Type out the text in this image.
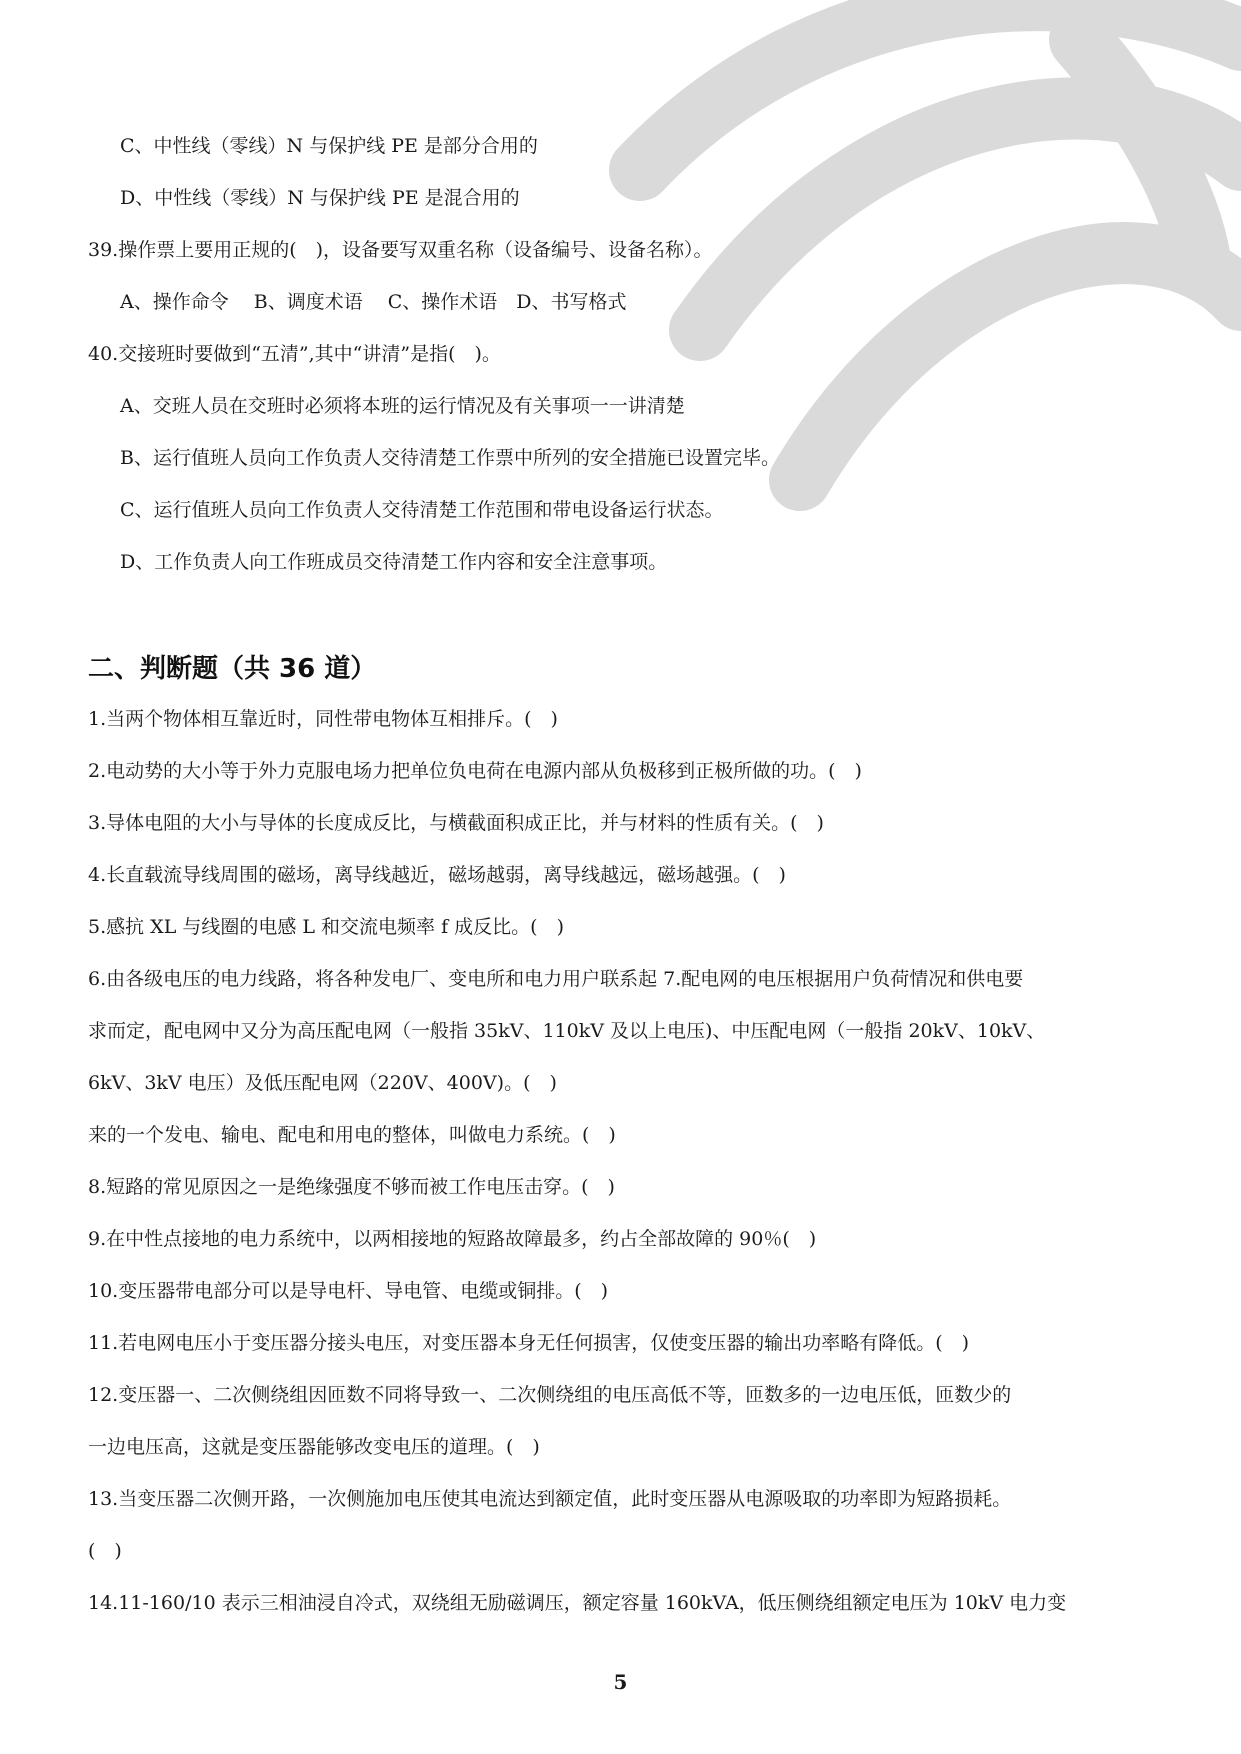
C、中性线（零线）N 与保护线 PE 是部分合用的
D、中性线（零线）N 与保护线 PE 是混合用的
39.操作票上要用正规的(　)，设备要写双重名称（设备编号、设备名称）。
A、操作命令　 B、调度术语　 C、操作术语　D、书写格式
40.交接班时要做到“五清”,其中“讲清”是指(　)。
A、交班人员在交班时必须将本班的运行情况及有关事项一一讲清楚
B、运行值班人员向工作负责人交待清楚工作票中所列的安全措施已设置完毕。
C、运行值班人员向工作负责人交待清楚工作范围和带电设备运行状态。
D、工作负责人向工作班成员交待清楚工作内容和安全注意事项。
二、判断题（共 36 道）
1.当两个物体相互靠近时，同性带电物体互相排斥。(　)
2.电动势的大小等于外力克服电场力把单位负电荷在电源内部从负极移到正极所做的功。(　)
3.导体电阻的大小与导体的长度成反比，与横截面积成正比，并与材料的性质有关。(　)
4.长直载流导线周围的磁场，离导线越近，磁场越弱，离导线越远，磁场越强。(　)
5.感抗 XL 与线圈的电感 L 和交流电频率 f 成反比。(　)
6.由各级电压的电力线路，将各种发电厂、变电所和电力用户联系起 7.配电网的电压根据用户负荷情况和供电要
求而定，配电网中又分为高压配电网（一般指 35kV、110kV 及以上电压)、中压配电网（一般指 20kV、10kV、
6kV、3kV 电压）及低压配电网（220V、400V)。(　)
来的一个发电、输电、配电和用电的整体，叫做电力系统。(　)
8.短路的常见原因之一是绝缘强度不够而被工作电压击穿。(　)
9.在中性点接地的电力系统中，以两相接地的短路故障最多，约占全部故障的 90％(　)
10.变压器带电部分可以是导电杆、导电管、电缆或铜排。(　)
11.若电网电压小于变压器分接头电压，对变压器本身无任何损害，仅使变压器的输出功率略有降低。(　)
12.变压器一、二次侧绕组因匝数不同将导致一、二次侧绕组的电压高低不等，匝数多的一边电压低，匝数少的
一边电压高，这就是变压器能够改变电压的道理。(　)
13.当变压器二次侧开路，一次侧施加电压使其电流达到额定值，此时变压器从电源吸取的功率即为短路损耗。
(　)
14.11-160/10 表示三相油浸自冷式，双绕组无励磁调压，额定容量 160kVA，低压侧绕组额定电压为 10kV 电力变
5
